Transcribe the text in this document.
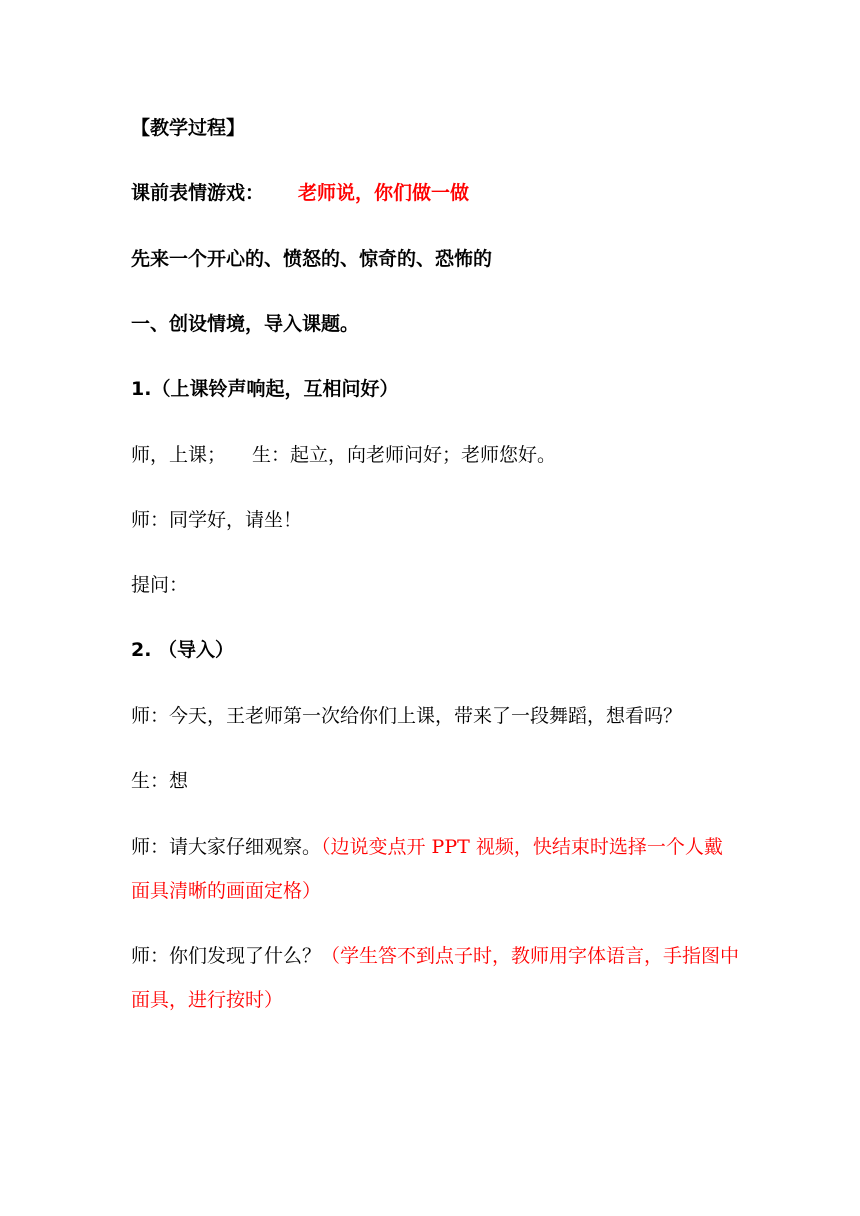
【教学过程】
课前表情游戏： 老师说，你们做一做
先来一个开心的、愤怒的、惊奇的、恐怖的
一、创设情境，导入课题。
1.（上课铃声响起，互相问好）
师，上课； 生：起立，向老师问好；老师您好。
师：同学好，请坐！
提问：
2. （导入）
师：今天，王老师第一次给你们上课，带来了一段舞蹈，想看吗？
生：想
师：请大家仔细观察。（边说变点开 PPT 视频，快结束时选择一个人戴面具清晰的画面定格）
师：你们发现了什么？（学生答不到点子时，教师用字体语言，手指图中面具，进行按时）
